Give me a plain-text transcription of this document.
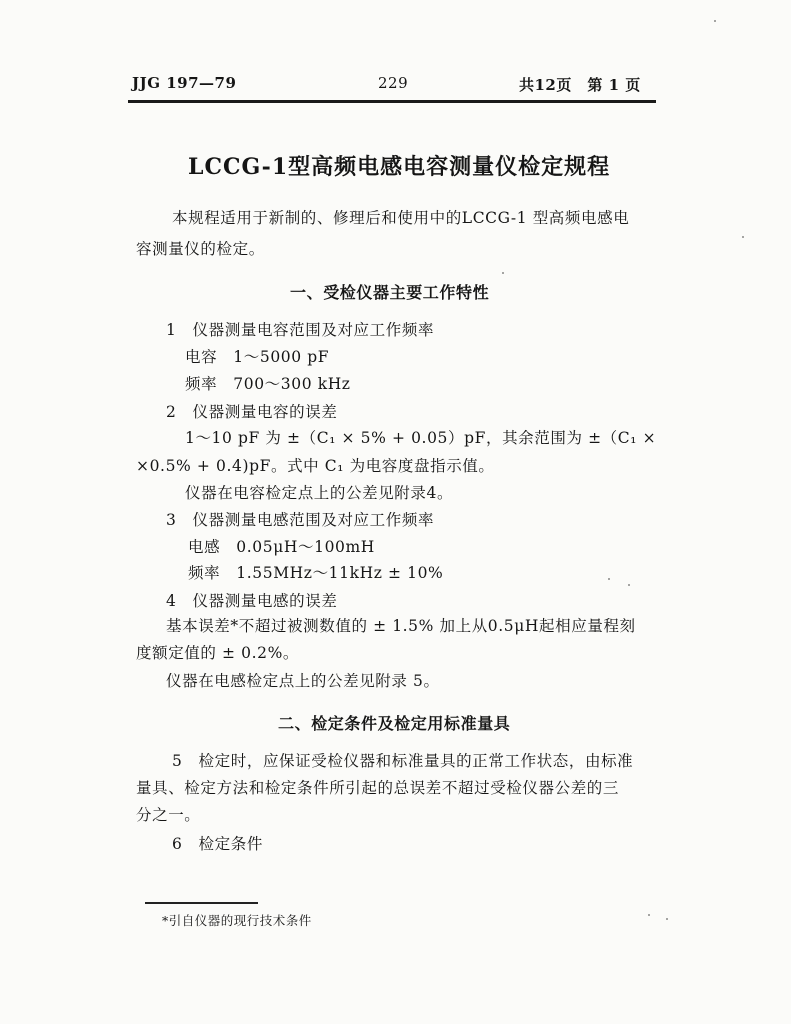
JJG 197—79	229	共12页　第 1 页
LCCG-1型高频电感电容测量仪检定规程
本规程适用于新制的、修理后和使用中的LCCG-1 型高频电感电
容测量仪的检定。
一、受检仪器主要工作特性
1　仪器测量电容范围及对应工作频率
电容　1～5000 pF
频率　700～300 kHz
2　仪器测量电容的误差
1～10 pF 为 ±（C₁ × 5% + 0.05）pF，其余范围为 ±（C₁ ×
×0.5% + 0.4)pF。式中 C₁ 为电容度盘指示值。
仪器在电容检定点上的公差见附录4。
3　仪器测量电感范围及对应工作频率
电感　0.05μH～100mH
频率　1.55MHz～11kHz ± 10%
4　仪器测量电感的误差
基本误差*不超过被测数值的 ± 1.5% 加上从0.5μH起相应量程刻
度额定值的 ± 0.2%。
仪器在电感检定点上的公差见附录 5。
二、检定条件及检定用标准量具
5　检定时，应保证受检仪器和标准量具的正常工作状态，由标准
量具、检定方法和检定条件所引起的总误差不超过受检仪器公差的三
分之一。
6　检定条件
*引自仪器的现行技术条件
